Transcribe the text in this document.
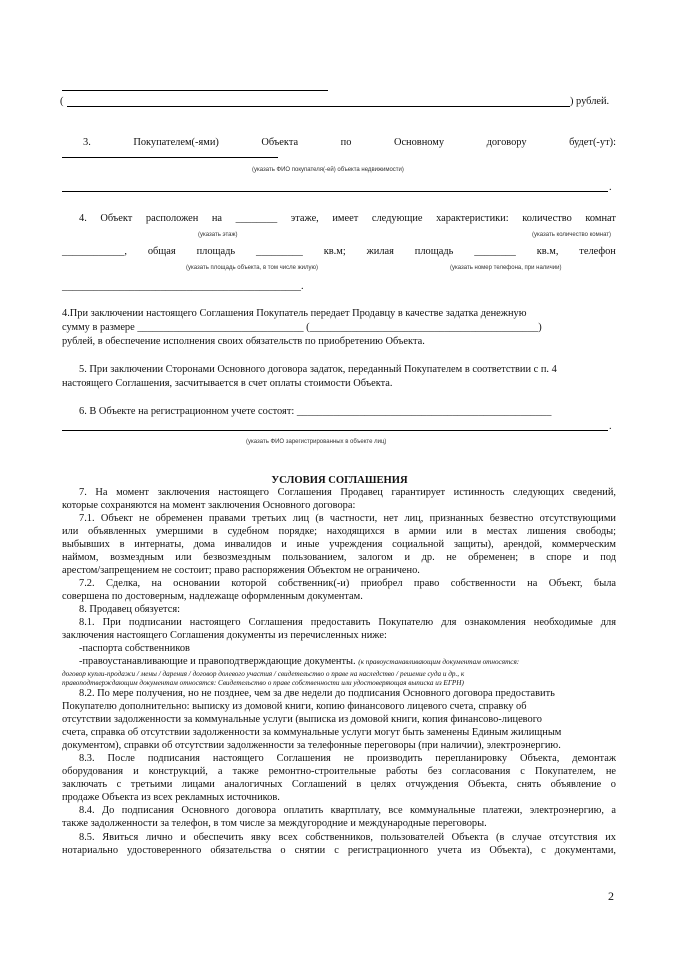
(	) рублей.
3.	Покупателем(-ями)	Объекта	по	Основному	договору	будет(-ут):
(указать ФИО покупателя(-ей) объекта недвижимости)
.
4. Объект расположен на ________ этаже, имеет следующие характеристики: количество комнат
(указать этаж)	(указать количество комнат)
____________, общая площадь _________ кв.м; жилая площадь ________ кв.м, телефон
(указать площадь объекта, в том числе жилую)	(указать номер телефона, при наличии)
______________________________________________.
4.При заключении настоящего Соглашения Покупатель передает Продавцу в качестве задатка денежную
сумму в размере ________________________________ (____________________________________________)
рублей, в обеспечение исполнения своих обязательств по приобретению Объекта.
5. При заключении Сторонами Основного договора задаток, переданный Покупателем в соответствии с п. 4
настоящего Соглашения, засчитывается в счет оплаты стоимости Объекта.
6. В Объекте на регистрационном учете состоят: _________________________________________________
.
(указать ФИО зарегистрированных в объекте лиц)
УСЛОВИЯ СОГЛАШЕНИЯ
7. На момент заключения настоящего Соглашения Продавец гарантирует истинность следующих сведений,
которые сохраняются на момент заключения Основного договора:
7.1. Объект не обременен правами третьих лиц (в частности, нет лиц, признанных безвестно отсутствующими
или объявленных умершими в судебном порядке; находящихся в армии или в местах лишения свободы;
выбывших в интернаты, дома инвалидов и иные учреждения социальной защиты), арендой, коммерческим
наймом, возмездным или безвозмездным пользованием, залогом и др. не обременен; в споре и под
арестом/запрещением не состоит; право распоряжения Объектом не ограничено.
7.2. Сделка, на основании которой собственник(-и) приобрел право собственности на Объект, была
совершена по достоверным, надлежаще оформленным документам.
8. Продавец обязуется:
8.1. При подписании настоящего Соглашения предоставить Покупателю для ознакомления необходимые для
заключения настоящего Соглашения документы из перечисленных ниже:
-паспорта собственников
-правоустанавливающие и правоподтверждающие документы. (к правоустанавливающим документам относятся:
договор купли-продажи / мены / дарения / договор долевого участия / свидетельство о праве на наследство / решение суда и др., к
правоподтверждающим документам относятся: Свидетельство о праве собственности или удостоверяющая выписка из ЕГРН)
8.2. По мере получения, но не позднее, чем за две недели до подписания Основного договора предоставить
Покупателю дополнительно: выписку из домовой книги, копию финансового лицевого счета, справку об
отсутствии задолженности за коммунальные услуги (выписка из домовой книги, копия финансово-лицевого
счета, справка об отсутствии задолженности за коммунальные услуги могут быть заменены Единым жилищным
документом), справки об отсутствии задолженности за телефонные переговоры (при наличии), электроэнергию.
8.3. После подписания настоящего Соглашения не производить перепланировку Объекта, демонтаж
оборудования и конструкций, а также ремонтно-строительные работы без согласования с Покупателем, не
заключать с третьими лицами аналогичных Соглашений в целях отчуждения Объекта, снять объявление о
продаже Объекта из всех рекламных источников.
8.4. До подписания Основного договора оплатить квартплату, все коммунальные платежи, электроэнергию, а
также задолженности за телефон, в том числе за междугородние и международные переговоры.
8.5. Явиться лично и обеспечить явку всех собственников, пользователей Объекта (в случае отсутствия их
нотариально удостоверенного обязательства о снятии с регистрационного учета из Объекта), с документами,
2
